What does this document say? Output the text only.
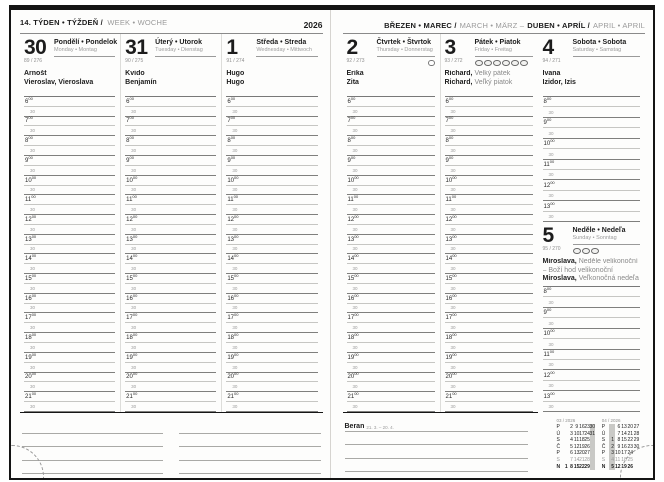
14. TÝDEN • TÝŽDEŇ / WEEK • WOCHE	2026
30
89 / 276
Pondělí • Pondelok
Monday • Montag
Arnošt
Vieroslav, Vieroslava
$6^{00}$
30
$7^{00}$
30
$8^{00}$
30
$9^{00}$
30
$10^{00}$
30
$11^{00}$
30
$12^{00}$
30
$13^{00}$
30
$14^{00}$
30
$15^{00}$
30
$16^{00}$
30
$17^{00}$
30
$18^{00}$
30
$19^{00}$
30
$20^{00}$
30
$21^{00}$
30
31
90 / 275
Úterý • Utorok
Tuesday • Dienstag
Kvido
Benjamín
$6^{00}$
30
$7^{00}$
30
$8^{00}$
30
$9^{00}$
30
$10^{00}$
30
$11^{00}$
30
$12^{00}$
30
$13^{00}$
30
$14^{00}$
30
$15^{00}$
30
$16^{00}$
30
$17^{00}$
30
$18^{00}$
30
$19^{00}$
30
$20^{00}$
30
$21^{00}$
30
1
91 / 274
Středa • Streda
Wednesday • Mittwoch
Hugo
Hugo
$6^{00}$
30
$7^{00}$
30
$8^{00}$
30
$9^{00}$
30
$10^{00}$
30
$11^{00}$
30
$12^{00}$
30
$13^{00}$
30
$14^{00}$
30
$15^{00}$
30
$16^{00}$
30
$17^{00}$
30
$18^{00}$
30
$19^{00}$
30
$20^{00}$
30
$21^{00}$
30
BŘEZEN • MAREC / MARCH • MÄRZ – DUBEN • APRÍL / APRIL • APRIL
2
92 / 273
Čtvrtek • Štvrtok
Thursday • Donnerstag
Erika
Zita
$6^{00}$
30
$7^{00}$
30
$8^{00}$
30
$9^{00}$
30
$10^{00}$
30
$11^{00}$
30
$12^{00}$
30
$13^{00}$
30
$14^{00}$
30
$15^{00}$
30
$16^{00}$
30
$17^{00}$
30
$18^{00}$
30
$19^{00}$
30
$20^{00}$
30
$21^{00}$
30
3
93 / 272
Pátek • Piatok
Friday • Freitag
Richard, Velký pátek
Richard, Veľký piatok
$6^{00}$
30
$7^{00}$
30
$8^{00}$
30
$9^{00}$
30
$10^{00}$
30
$11^{00}$
30
$12^{00}$
30
$13^{00}$
30
$14^{00}$
30
$15^{00}$
30
$16^{00}$
30
$17^{00}$
30
$18^{00}$
30
$19^{00}$
30
$20^{00}$
30
$21^{00}$
30
Beran 21. 3. – 20. 4.
4
94 / 271
Sobota • Sobota
Saturday • Samstag
Ivana
Izidor, Izis
$8^{00}$
30
$9^{00}$
30
$10^{00}$
30
$11^{00}$
30
$12^{00}$
30
$13^{00}$
30
5
95 / 270
Neděle • Nedeľa
Sunday • Sonntag
Miroslava, Neděle velikonoční
– Boží hod velikonoční
Miroslava, Veľkonočná nedeľa
$8^{00}$
30
$9^{00}$
30
$10^{00}$
30
$11^{00}$
30
$12^{00}$
30
$13^{00}$
30
03 / 2026
P	2 9 16 23 30
Ú	3 10 17 24 31
S	4 11 18 25
Č	5 12 19 26
P	6 13 20 27
S	7 14 21 28
N 1 8 15 22 29
04 / 2026
P	6 13 20 27
Ú	7 14 21 28
S	1 8 15 22 29
Č	2 9 16 23 30
P	3 10 17 24
S	4 11 18 25
N	5 12 19 26
